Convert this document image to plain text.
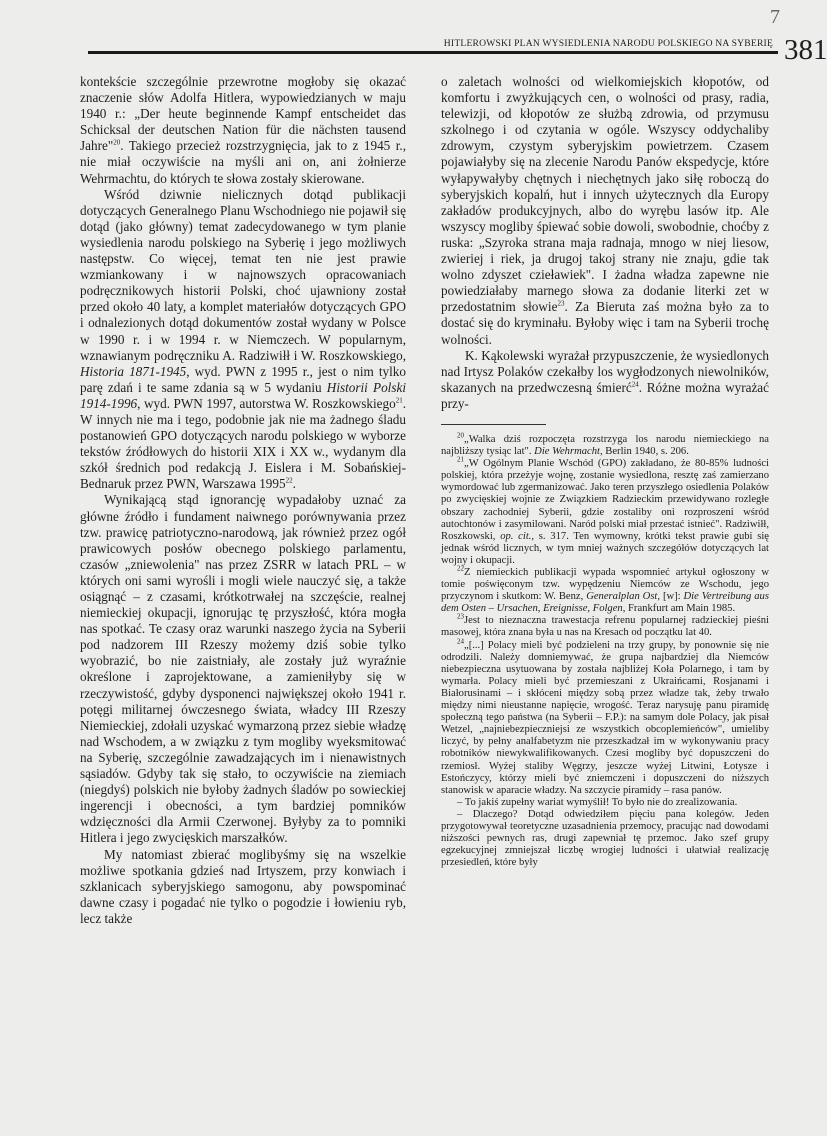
7
HITLEROWSKI PLAN WYSIEDLENIA NARODU POLSKIEGO NA SYBERIĘ 381

kontekście szczególnie przewrotne mogłoby się okazać znaczenie słów Adolfa Hitlera, wypowiedzianych w maju 1940 r.: „Der heute beginnende Kampf entscheidet das Schicksal der deutschen Nation für die nächsten tausend Jahre"$^{20}$. Takiego przecież rozstrzygnięcia, jak to z 1945 r., nie miał oczywiście na myśli ani on, ani żołnierze Wehrmachtu, do których te słowa zostały skierowane.

Wśród dziwnie nielicznych dotąd publikacji dotyczących Generalnego Planu Wschodniego nie pojawił się dotąd (jako główny) temat zadecydowanego w tym planie wysiedlenia narodu polskiego na Syberię i jego możliwych następstw. Co więcej, temat ten nie jest prawie wzmiankowany i w najnowszych opracowaniach podręcznikowych historii Polski, choć ujawniony został przed około 40 laty, a komplet materiałów dotyczących GPO i odnalezionych dotąd dokumentów został wydany w Polsce w 1990 r. i w 1994 r. w Niemczech. W popularnym, wznawianym podręczniku A. Radziwiłł i W. Roszkowskiego, Historia 1871-1945, wyd. PWN z 1995 r., jest o nim tylko parę zdań i te same zdania są w 5 wydaniu Historii Polski 1914-1996, wyd. PWN 1997, autorstwa W. Roszkowskiego$^{21}$. W innych nie ma i tego, podobnie jak nie ma żadnego śladu postanowień GPO dotyczących narodu polskiego w wyborze tekstów źródłowych do historii XIX i XX w., wydanym dla szkół średnich pod redakcją J. Eislera i M. Sobańskiej-Bednaruk przez PWN, Warszawa 1995$^{22}$.

Wynikającą stąd ignorancję wypadałoby uznać za główne źródło i fundament naiwnego porównywania przez tzw. prawicę patriotyczno-narodową, jak również przez ogół prawicowych posłów obecnego polskiego parlamentu, czasów „zniewolenia" nas przez ZSRR w latach PRL – w których oni sami wyrośli i mogli wiele nauczyć się, a także osiągnąć – z czasami, krótkotrwałej na szczęście, realnej niemieckiej okupacji, ignorując tę przyszłość, która mogła nas spotkać. Te czasy oraz warunki naszego życia na Syberii pod nadzorem III Rzeszy możemy dziś sobie tylko wyobrazić, bo nie zaistniały, ale zostały już wyraźnie określone i zaprojektowane, a zamieniłyby się w rzeczywistość, gdyby dysponenci największej około 1941 r. potęgi militarnej ówczesnego świata, władcy III Rzeszy Niemieckiej, zdołali uzyskać wymarzoną przez siebie władzę nad Wschodem, a w związku z tym mogliby wyeksmitować na Syberię, szczególnie zawadzających im i nienawistnych sąsiadów. Gdyby tak się stało, to oczywiście na ziemiach (niegdyś) polskich nie byłoby żadnych śladów po sowieckiej ingerencji i obecności, a tym bardziej pomników wdzięczności dla Armii Czerwonej. Byłyby za to pomniki Hitlera i jego zwycięskich marszałków.

My natomiast zbierać moglibyśmy się na wszelkie możliwe spotkania gdzieś nad Irtyszem, przy konwiach i szklanicach syberyjskiego samogonu, aby powspominać dawne czasy i pogadać nie tylko o pogodzie i łowieniu ryb, lecz także

o zaletach wolności od wielkomiejskich kłopotów, od komfortu i zwyżkujących cen, o wolności od prasy, radia, telewizji, od kłopotów ze służbą zdrowia, od przymusu szkolnego i od czytania w ogóle. Wszyscy oddychaliby zdrowym, czystym syberyjskim powietrzem. Czasem pojawiałyby się na zlecenie Narodu Panów ekspedycje, które wyłapywałyby chętnych i niechętnych jako siłę roboczą do syberyjskich kopalń, hut i innych użytecznych dla Europy zakładów produkcyjnych, albo do wyrębu lasów itp. Ale wszyscy mogliby śpiewać sobie dowoli, swobodnie, choćby z ruska: „Szyroka strana maja radnaja, mnogo w niej liesow, zwieriej i riek, ja drugoj takoj strany nie znaju, gdie tak wolno zdyszet czieławiek". I żadna władza zapewne nie powiedziałaby marnego słowa za dodanie literki zet w przedostatnim słowie$^{23}$. Za Bieruta zaś można było za to dostać się do kryminału. Byłoby więc i tam na Syberii trochę wolności.

K. Kąkolewski wyrażał przypuszczenie, że wysiedlonych nad Irtysz Polaków czekałby los wygłodzonych niewolników, skazanych na przedwczesną śmierć$^{24}$. Różne można wyrażać przy-

$^{20}$„Walka dziś rozpoczęta rozstrzyga los narodu niemieckiego na najbliższy tysiąc lat". Die Wehrmacht, Berlin 1940, s. 206.

$^{21}$„W Ogólnym Planie Wschód (GPO) zakładano, że 80-85% ludności polskiej, która przeżyje wojnę, zostanie wysiedlona, resztę zaś zamierzano wymordować lub zgermanizować. Jako teren przyszłego osiedlenia Polaków po zwycięskiej wojnie ze Związkiem Radzieckim przewidywano rozległe obszary zachodniej Syberii, gdzie zostaliby oni rozproszeni wśród autochtonów i zasymilowani. Naród polski miał przestać istnieć". Radziwiłł, Roszkowski, op. cit., s. 317. Ten wymowny, krótki tekst prawie gubi się jednak wśród licznych, w tym mniej ważnych szczegółów dotyczących lat wojny i okupacji.

$^{22}$Z niemieckich publikacji wypada wspomnieć artykuł ogłoszony w tomie poświęconym tzw. wypędzeniu Niemców ze Wschodu, jego przyczynom i skutkom: W. Benz, Generalplan Ost, [w]: Die Vertreibung aus dem Osten – Ursachen, Ereignisse, Folgen, Frankfurt am Main 1985.

$^{23}$Jest to nieznaczna trawestacja refrenu popularnej radzieckiej pieśni masowej, która znana była u nas na Kresach od początku lat 40.

$^{24}$„[...] Polacy mieli być podzieleni na trzy grupy, by ponownie się nie odrodzili. Należy domniemywać, że grupa najbardziej dla Niemców niebezpieczna usytuowana by została najbliżej Koła Polarnego, i tam by wymarła. Polacy mieli być przemieszani z Ukraińcami, Rosjanami i Białorusinami – i skłóceni między sobą przez władze tak, żeby trwało między nimi nieustanne napięcie, wrogość. Teraz narysuję panu piramidę społeczną tego państwa (na Syberii – F.P.): na samym dole Polacy, jak pisał Wetzel, „najniebezpieczniejsi ze wszystkich obcoplemieńców", umieliby liczyć, by pełny analfabetyzm nie przeszkadzał im w wykonywaniu pracy robotników niewykwalifikowanych. Czesi mogliby być dopuszczeni do rzemiosł. Wyżej staliby Węgrzy, jeszcze wyżej Litwini, Łotysze i Estończycy, którzy mieli być zniemczeni i dopuszczeni do niższych stanowisk w aparacie władzy. Na szczycie piramidy – rasa panów.

– To jakiś zupełny wariat wymyślił! To było nie do zrealizowania.

– Dlaczego? Dotąd odwiedziłem pięciu pana kolegów. Jeden przygotowywał teoretyczne uzasadnienia przemocy, pracując nad dowodami niższości pewnych ras, drugi zapewniał tę przemoc. Jako szef grupy egzekucyjnej zmniejszał liczbę wrogiej ludności i ułatwiał realizację przesiedleń, które były
